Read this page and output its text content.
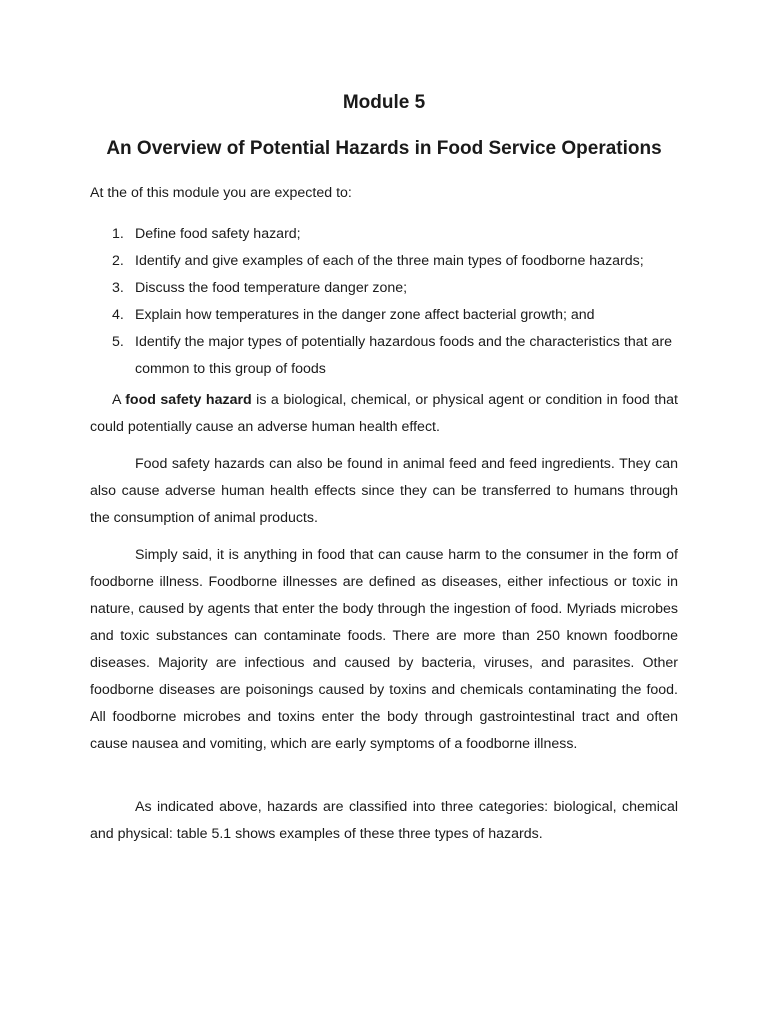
Module 5
An Overview of Potential Hazards in Food Service Operations

At the of this module you are expected to:

1. Define food safety hazard;
2. Identify and give examples of each of the three main types of foodborne hazards;
3. Discuss the food temperature danger zone;
4. Explain how temperatures in the danger zone affect bacterial growth; and
5. Identify the major types of potentially hazardous foods and the characteristics that are common to this group of foods

A food safety hazard is a biological, chemical, or physical agent or condition in food that could potentially cause an adverse human health effect.

Food safety hazards can also be found in animal feed and feed ingredients. They can also cause adverse human health effects since they can be transferred to humans through the consumption of animal products.

Simply said, it is anything in food that can cause harm to the consumer in the form of foodborne illness. Foodborne illnesses are defined as diseases, either infectious or toxic in nature, caused by agents that enter the body through the ingestion of food. Myriads microbes and toxic substances can contaminate foods. There are more than 250 known foodborne diseases. Majority are infectious and caused by bacteria, viruses, and parasites. Other foodborne diseases are poisonings caused by toxins and chemicals contaminating the food. All foodborne microbes and toxins enter the body through gastrointestinal tract and often cause nausea and vomiting, which are early symptoms of a foodborne illness.

As indicated above, hazards are classified into three categories: biological, chemical and physical: table 5.1 shows examples of these three types of hazards.
